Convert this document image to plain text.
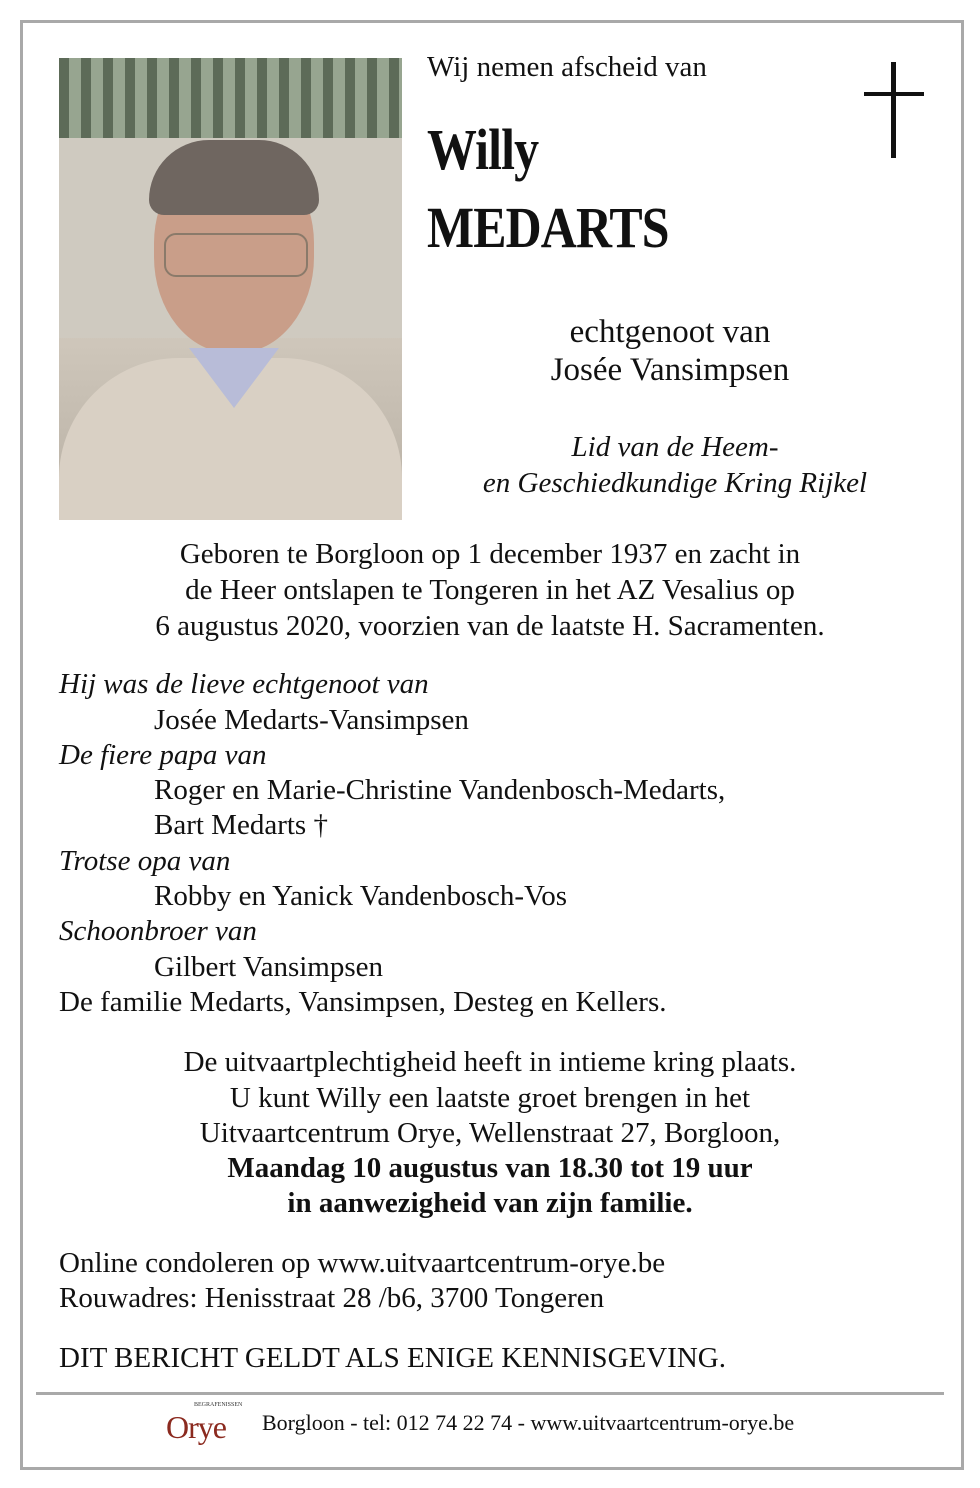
Wij nemen afscheid van
Willy
MEDARTS
echtgenoot van
Josée Vansimpsen
Lid van de Heem-
en Geschiedkundige Kring Rijkel
Geboren te Borgloon op 1 december 1937 en zacht in
de Heer ontslapen te Tongeren in het AZ Vesalius op
6 augustus 2020, voorzien van de laatste H. Sacramenten.
Hij was de lieve echtgenoot van
Josée Medarts-Vansimpsen
De fiere papa van
Roger en Marie-Christine Vandenbosch-Medarts,
Bart Medarts †
Trotse opa van
Robby en Yanick Vandenbosch-Vos
Schoonbroer van
Gilbert Vansimpsen
De familie Medarts, Vansimpsen, Desteg en Kellers.
De uitvaartplechtigheid heeft in intieme kring plaats.
U kunt Willy een laatste groet brengen in het
Uitvaartcentrum Orye, Wellenstraat 27, Borgloon,
Maandag 10 augustus van 18.30 tot 19 uur
in aanwezigheid van zijn familie.
Online condoleren op www.uitvaartcentrum-orye.be
Rouwadres: Henisstraat 28 /b6, 3700 Tongeren
DIT BERICHT GELDT ALS ENIGE KENNISGEVING.
BEGRAFENISSEN
Orye Borgloon - tel: 012 74 22 74 - www.uitvaartcentrum-orye.be
